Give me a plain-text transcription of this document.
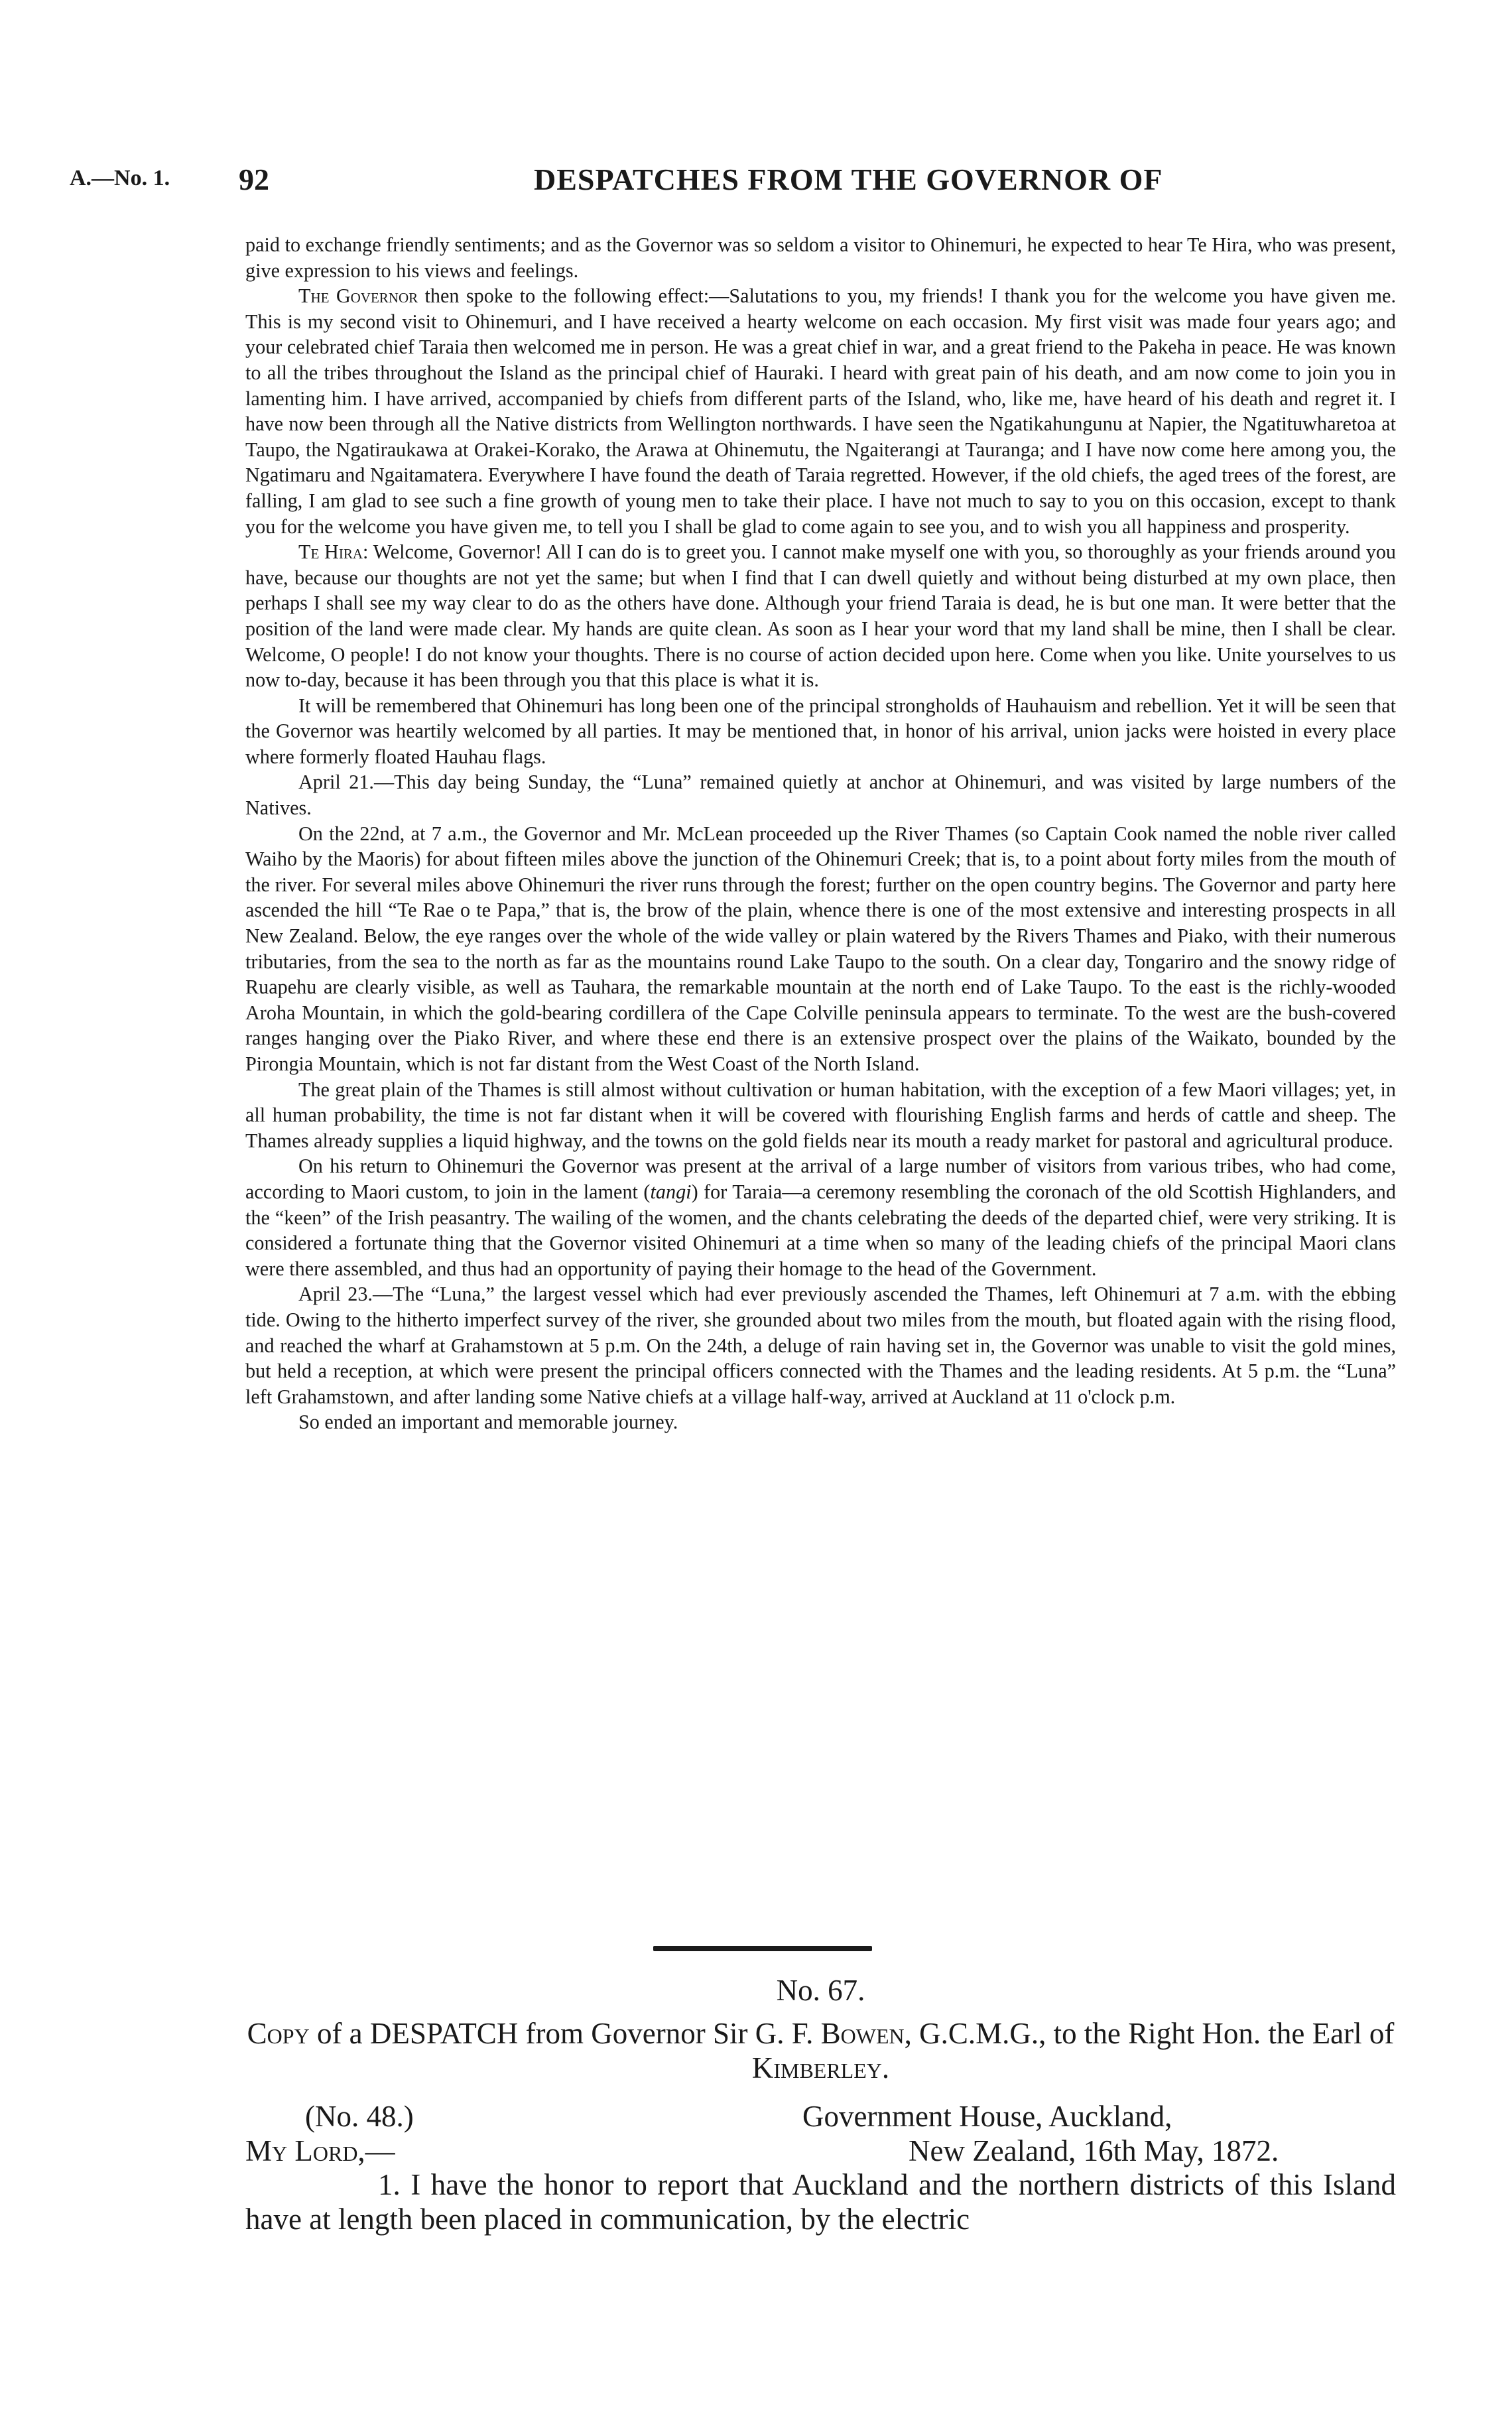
A.—No. 1. 92	DESPATCHES FROM THE GOVERNOR OF

paid to exchange friendly sentiments; and as the Governor was so seldom a visitor to Ohinemuri, he expected to hear Te Hira, who was present, give expression to his views and feelings.

The Governor then spoke to the following effect:—Salutations to you, my friends! I thank you for the welcome you have given me. This is my second visit to Ohinemuri, and I have received a hearty welcome on each occasion. My first visit was made four years ago; and your celebrated chief Taraia then welcomed me in person. He was a great chief in war, and a great friend to the Pakeha in peace. He was known to all the tribes throughout the Island as the principal chief of Hauraki. I heard with great pain of his death, and am now come to join you in lamenting him. I have arrived, accompanied by chiefs from different parts of the Island, who, like me, have heard of his death and regret it. I have now been through all the Native districts from Wellington northwards. I have seen the Ngatikahungunu at Napier, the Ngatituwharetoa at Taupo, the Ngatiraukawa at Orakei-Korako, the Arawa at Ohinemutu, the Ngaiterangi at Tauranga; and I have now come here among you, the Ngatimaru and Ngaitamatera. Everywhere I have found the death of Taraia regretted. However, if the old chiefs, the aged trees of the forest, are falling, I am glad to see such a fine growth of young men to take their place. I have not much to say to you on this occasion, except to thank you for the welcome you have given me, to tell you I shall be glad to come again to see you, and to wish you all happiness and prosperity.

Te Hira: Welcome, Governor! All I can do is to greet you. I cannot make myself one with you, so thoroughly as your friends around you have, because our thoughts are not yet the same; but when I find that I can dwell quietly and without being disturbed at my own place, then perhaps I shall see my way clear to do as the others have done. Although your friend Taraia is dead, he is but one man. It were better that the position of the land were made clear. My hands are quite clean. As soon as I hear your word that my land shall be mine, then I shall be clear. Welcome, O people! I do not know your thoughts. There is no course of action decided upon here. Come when you like. Unite yourselves to us now to-day, because it has been through you that this place is what it is.

It will be remembered that Ohinemuri has long been one of the principal strongholds of Hauhauism and rebellion. Yet it will be seen that the Governor was heartily welcomed by all parties. It may be mentioned that, in honor of his arrival, union jacks were hoisted in every place where formerly floated Hauhau flags.

April 21.—This day being Sunday, the “Luna” remained quietly at anchor at Ohinemuri, and was visited by large numbers of the Natives.

On the 22nd, at 7 a.m., the Governor and Mr. McLean proceeded up the River Thames (so Captain Cook named the noble river called Waiho by the Maoris) for about fifteen miles above the junction of the Ohinemuri Creek; that is, to a point about forty miles from the mouth of the river. For several miles above Ohinemuri the river runs through the forest; further on the open country begins. The Governor and party here ascended the hill “Te Rae o te Papa,” that is, the brow of the plain, whence there is one of the most extensive and interesting prospects in all New Zealand. Below, the eye ranges over the whole of the wide valley or plain watered by the Rivers Thames and Piako, with their numerous tributaries, from the sea to the north as far as the mountains round Lake Taupo to the south. On a clear day, Tongariro and the snowy ridge of Ruapehu are clearly visible, as well as Tauhara, the remarkable mountain at the north end of Lake Taupo. To the east is the richly-wooded Aroha Mountain, in which the gold-bearing cordillera of the Cape Colville peninsula appears to terminate. To the west are the bush-covered ranges hanging over the Piako River, and where these end there is an extensive prospect over the plains of the Waikato, bounded by the Pirongia Mountain, which is not far distant from the West Coast of the North Island.

The great plain of the Thames is still almost without cultivation or human habitation, with the exception of a few Maori villages; yet, in all human probability, the time is not far distant when it will be covered with flourishing English farms and herds of cattle and sheep. The Thames already supplies a liquid highway, and the towns on the gold fields near its mouth a ready market for pastoral and agricultural produce.

On his return to Ohinemuri the Governor was present at the arrival of a large number of visitors from various tribes, who had come, according to Maori custom, to join in the lament (tangi) for Taraia—a ceremony resembling the coronach of the old Scottish Highlanders, and the “keen” of the Irish peasantry. The wailing of the women, and the chants celebrating the deeds of the departed chief, were very striking. It is considered a fortunate thing that the Governor visited Ohinemuri at a time when so many of the leading chiefs of the principal Maori clans were there assembled, and thus had an opportunity of paying their homage to the head of the Government.

April 23.—The “Luna,” the largest vessel which had ever previously ascended the Thames, left Ohinemuri at 7 a.m. with the ebbing tide. Owing to the hitherto imperfect survey of the river, she grounded about two miles from the mouth, but floated again with the rising flood, and reached the wharf at Grahamstown at 5 p.m. On the 24th, a deluge of rain having set in, the Governor was unable to visit the gold mines, but held a reception, at which were present the principal officers connected with the Thames and the leading residents. At 5 p.m. the “Luna” left Grahamstown, and after landing some Native chiefs at a village half-way, arrived at Auckland at 11 o'clock p.m.

So ended an important and memorable journey.

No. 67.
Copy of a DESPATCH from Governor Sir G. F. Bowen, G.C.M.G., to the Right Hon. the Earl of Kimberley.
(No. 48.)
My Lord,—
Government House, Auckland,
New Zealand, 16th May, 1872.
1. I have the honor to report that Auckland and the northern districts of this Island have at length been placed in communication, by the electric
